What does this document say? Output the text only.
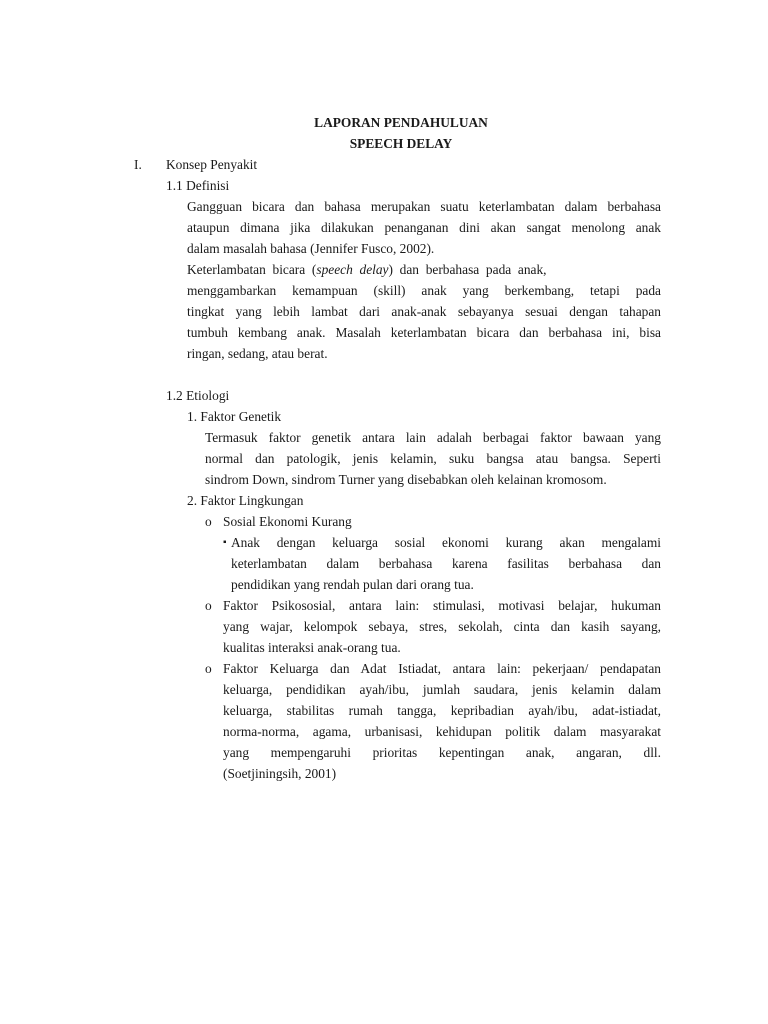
LAPORAN PENDAHULUAN
SPEECH DELAY
I. Konsep Penyakit
1.1 Definisi
Gangguan bicara dan bahasa merupakan suatu keterlambatan dalam berbahasa
ataupun dimana jika dilakukan penanganan dini akan sangat menolong anak
dalam masalah bahasa (Jennifer Fusco, 2002).
Keterlambatan  bicara  (speech  delay)  dan  berbahasa  pada  anak,
menggambarkan kemampuan (skill) anak yang berkembang, tetapi pada
tingkat yang lebih lambat dari anak-anak sebayanya sesuai dengan tahapan
tumbuh kembang anak. Masalah keterlambatan bicara dan berbahasa ini, bisa
ringan, sedang, atau berat.
1.2 Etiologi
1. Faktor Genetik
Termasuk faktor genetik antara lain adalah berbagai faktor bawaan yang
normal dan patologik, jenis kelamin, suku bangsa atau bangsa. Seperti
sindrom Down, sindrom Turner yang disebabkan oleh kelainan kromosom.
2. Faktor Lingkungan
o Sosial Ekonomi Kurang
▪ Anak dengan keluarga sosial ekonomi kurang akan mengalami
keterlambatan dalam berbahasa karena fasilitas berbahasa dan
pendidikan yang rendah pulan dari orang tua.
o Faktor Psikososial, antara lain: stimulasi, motivasi belajar, hukuman
yang wajar, kelompok sebaya, stres, sekolah, cinta dan kasih sayang,
kualitas interaksi anak-orang tua.
o Faktor Keluarga dan Adat Istiadat, antara lain: pekerjaan/ pendapatan
keluarga, pendidikan ayah/ibu, jumlah saudara, jenis kelamin dalam
keluarga, stabilitas rumah tangga, kepribadian ayah/ibu, adat-istiadat,
norma-norma, agama, urbanisasi, kehidupan politik dalam masyarakat
yang mempengaruhi prioritas kepentingan anak, angaran, dll.
(Soetjiningsih, 2001)
